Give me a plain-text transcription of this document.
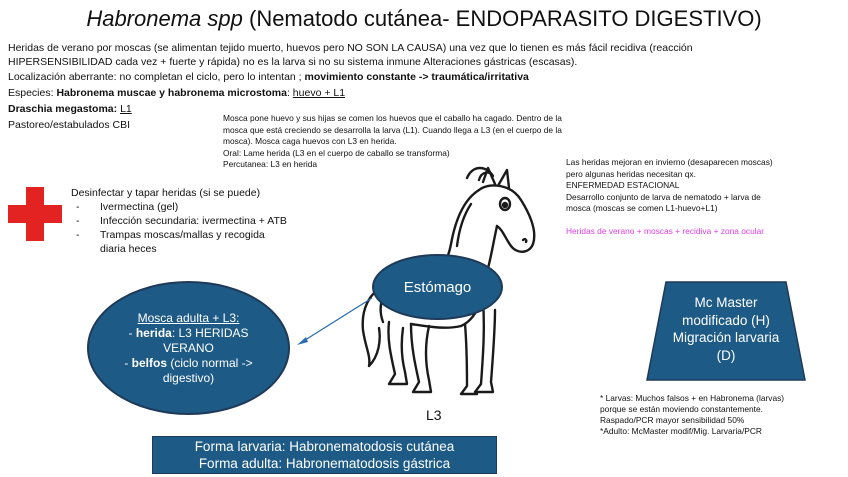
Habronema spp (Nematodo cutánea- ENDOPARASITO DIGESTIVO)
Heridas de verano por moscas (se alimentan tejido muerto, huevos pero NO SON LA CAUSA) una vez que lo tienen es más fácil recidiva (reacción
HIPERSENSIBILIDAD cada vez + fuerte y rápida) no es la larva si no su sistema inmune Alteraciones gástricas (escasas).
Localización aberrante: no completan el ciclo, pero lo intentan ; movimiento constante -> traumática/irritativa
Especies: Habronema muscae y habronema microstoma: huevo + L1
Draschia megastoma: L1
Pastoreo/estabulados CBI
Mosca pone huevo y sus hijas se comen los huevos que el caballo ha cagado. Dentro de la
mosca que está creciendo se desarrolla la larva (L1). Cuando llega a L3 (en el cuerpo de la
mosca). Mosca caga huevos con L3 en herida.
Oral: Lame herida (L3 en el cuerpo de caballo se transforma)
Percutanea: L3 en herida	Las heridas mejoran en invierno (desaparecen moscas)
pero algunas heridas necesitan qx.
ENFERMEDAD ESTACIONAL
Desarrollo conjunto de larva de nematodo + larva de
mosca (moscas se comen L1-huevo+L1)
Heridas de verano + moscas + recidiva + zona ocular
Desinfectar y tapar heridas (si se puede)
- Ivermectina (gel)
- Infección secundaria: ivermectina + ATB
- Trampas moscas/mallas y recogida diaria heces
Estómago
L3
Mosca adulta + L3:
- herida: L3 HERIDAS VERANO
- belfos (ciclo normal -> digestivo)
Mc Master
modificado (H)
Migración larvaria
(D)
* Larvas: Muchos falsos + en Habronema (larvas)
porque se están moviendo constantemente.
Raspado/PCR mayor sensibilidad 50%
*Adulto: McMaster modif/Mig. Larvaria/PCR
Forma larvaria: Habronematodosis cutánea
Forma adulta: Habronematodosis gástrica
